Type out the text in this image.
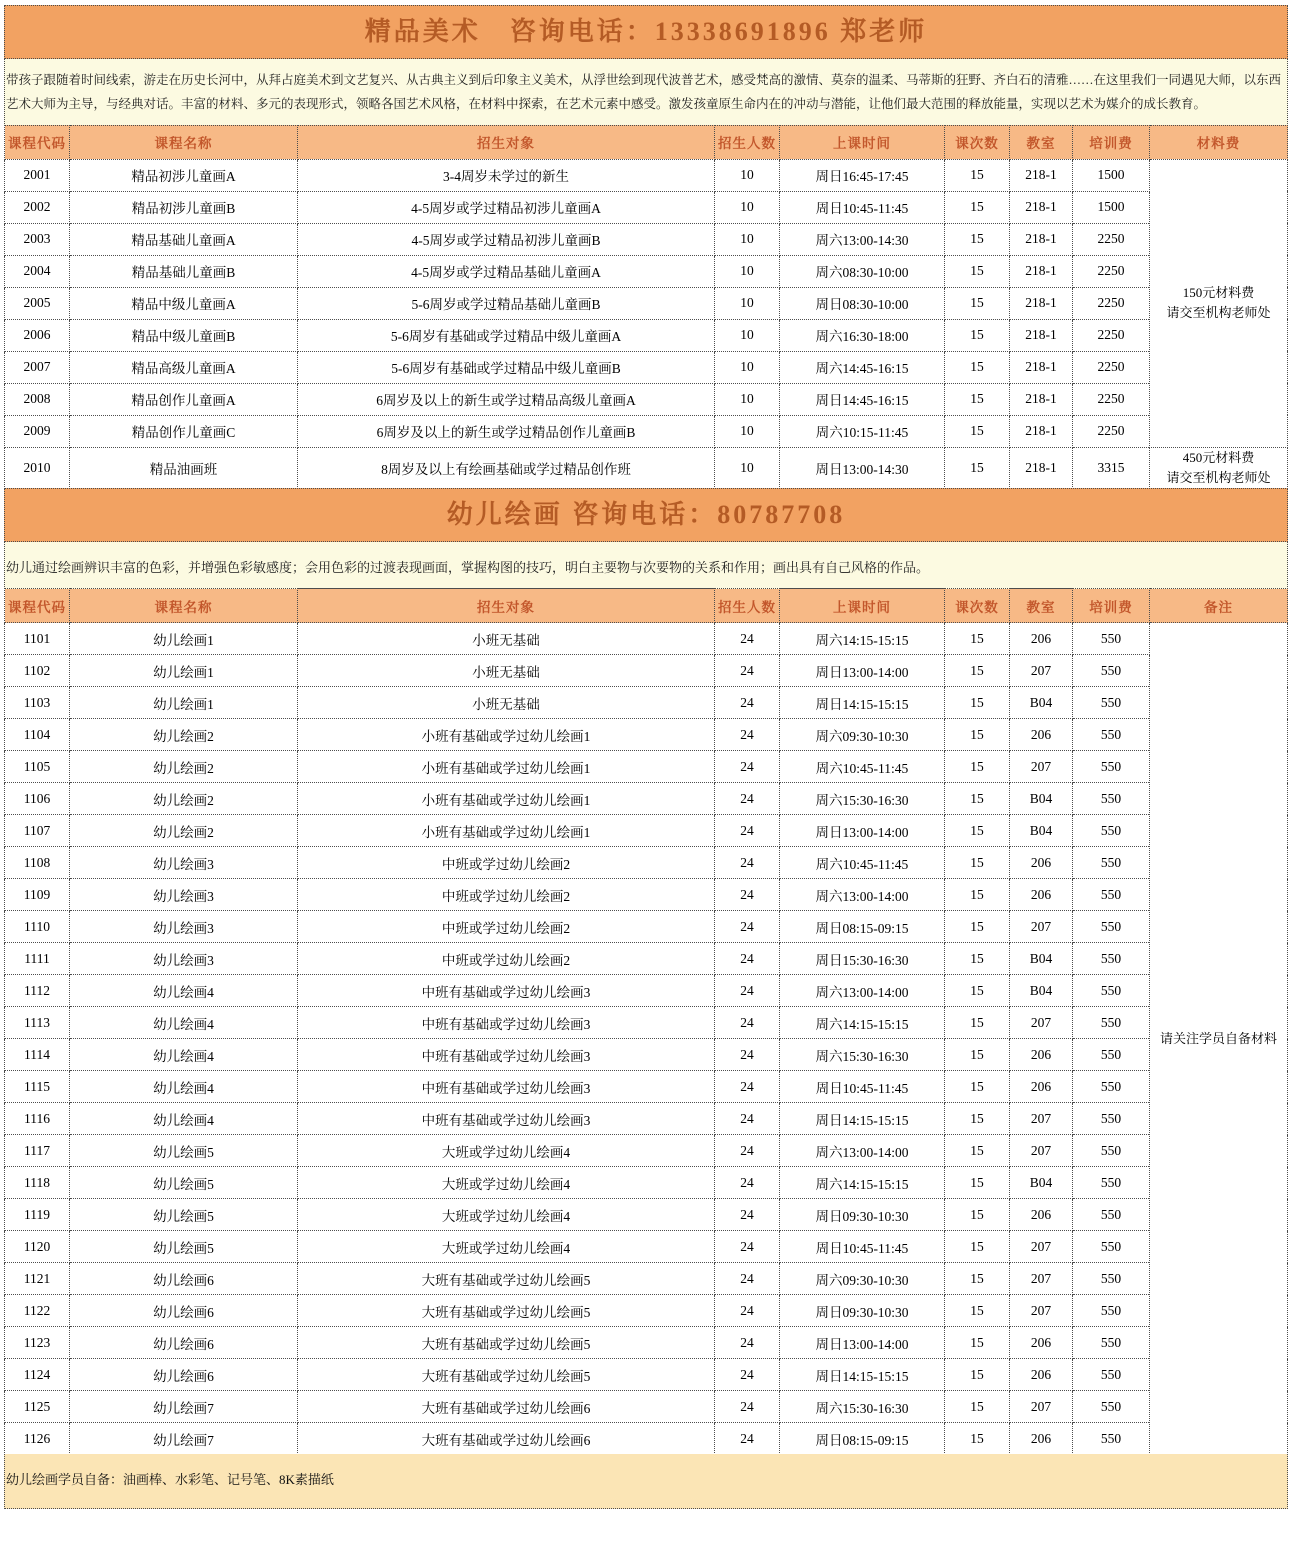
精品美术　咨询电话：13338691896 郑老师
带孩子跟随着时间线索，游走在历史长河中，从拜占庭美术到文艺复兴、从古典主义到后印象主义美术，从浮世绘到现代波普艺术，感受梵高的激情、莫奈的温柔、马蒂斯的狂野、齐白石的清雅……在这里我们一同遇见大师，以东西艺术大师为主导，与经典对话。丰富的材料、多元的表现形式，领略各国艺术风格，在材料中探索，在艺术元素中感受。激发孩童原生命内在的冲动与潜能，让他们最大范围的释放能量，实现以艺术为媒介的成长教育。
课程代码	课程名称	招生对象	招生人数	上课时间	课次数	教室	培训费	材料费
2001	精品初涉儿童画A	3-4周岁未学过的新生	10	周日16:45-17:45	15	218-1	1500	150元材料费
请交至机构老师处
2002	精品初涉儿童画B	4-5周岁或学过精品初涉儿童画A	10	周日10:45-11:45	15	218-1	1500	
2003	精品基础儿童画A	4-5周岁或学过精品初涉儿童画B	10	周六13:00-14:30	15	218-1	2250	
2004	精品基础儿童画B	4-5周岁或学过精品基础儿童画A	10	周六08:30-10:00	15	218-1	2250	
2005	精品中级儿童画A	5-6周岁或学过精品基础儿童画B	10	周日08:30-10:00	15	218-1	2250	
2006	精品中级儿童画B	5-6周岁有基础或学过精品中级儿童画A	10	周六16:30-18:00	15	218-1	2250	
2007	精品高级儿童画A	5-6周岁有基础或学过精品中级儿童画B	10	周六14:45-16:15	15	218-1	2250	
2008	精品创作儿童画A	6周岁及以上的新生或学过精品高级儿童画A	10	周日14:45-16:15	15	218-1	2250	
2009	精品创作儿童画C	6周岁及以上的新生或学过精品创作儿童画B	10	周六10:15-11:45	15	218-1	2250	
2010	精品油画班	8周岁及以上有绘画基础或学过精品创作班	10	周日13:00-14:30	15	218-1	3315	450元材料费
请交至机构老师处
幼儿绘画 咨询电话：80787708
幼儿通过绘画辨识丰富的色彩，并增强色彩敏感度；会用色彩的过渡表现画面，掌握构图的技巧，明白主要物与次要物的关系和作用；画出具有自己风格的作品。
课程代码	课程名称	招生对象	招生人数	上课时间	课次数	教室	培训费	备注
1101	幼儿绘画1	小班无基础	24	周六14:15-15:15	15	206	550	请关注学员自备材料
1102	幼儿绘画1	小班无基础	24	周日13:00-14:00	15	207	550	
1103	幼儿绘画1	小班无基础	24	周日14:15-15:15	15	B04	550	
1104	幼儿绘画2	小班有基础或学过幼儿绘画1	24	周六09:30-10:30	15	206	550	
1105	幼儿绘画2	小班有基础或学过幼儿绘画1	24	周六10:45-11:45	15	207	550	
1106	幼儿绘画2	小班有基础或学过幼儿绘画1	24	周六15:30-16:30	15	B04	550	
1107	幼儿绘画2	小班有基础或学过幼儿绘画1	24	周日13:00-14:00	15	B04	550	
1108	幼儿绘画3	中班或学过幼儿绘画2	24	周六10:45-11:45	15	206	550	
1109	幼儿绘画3	中班或学过幼儿绘画2	24	周六13:00-14:00	15	206	550	
1110	幼儿绘画3	中班或学过幼儿绘画2	24	周日08:15-09:15	15	207	550	
1111	幼儿绘画3	中班或学过幼儿绘画2	24	周日15:30-16:30	15	B04	550	
1112	幼儿绘画4	中班有基础或学过幼儿绘画3	24	周六13:00-14:00	15	B04	550	
1113	幼儿绘画4	中班有基础或学过幼儿绘画3	24	周六14:15-15:15	15	207	550	
1114	幼儿绘画4	中班有基础或学过幼儿绘画3	24	周六15:30-16:30	15	206	550	
1115	幼儿绘画4	中班有基础或学过幼儿绘画3	24	周日10:45-11:45	15	206	550	
1116	幼儿绘画4	中班有基础或学过幼儿绘画3	24	周日14:15-15:15	15	207	550	
1117	幼儿绘画5	大班或学过幼儿绘画4	24	周六13:00-14:00	15	207	550	
1118	幼儿绘画5	大班或学过幼儿绘画4	24	周六14:15-15:15	15	B04	550	
1119	幼儿绘画5	大班或学过幼儿绘画4	24	周日09:30-10:30	15	206	550	
1120	幼儿绘画5	大班或学过幼儿绘画4	24	周日10:45-11:45	15	207	550	
1121	幼儿绘画6	大班有基础或学过幼儿绘画5	24	周六09:30-10:30	15	207	550	
1122	幼儿绘画6	大班有基础或学过幼儿绘画5	24	周日09:30-10:30	15	207	550	
1123	幼儿绘画6	大班有基础或学过幼儿绘画5	24	周日13:00-14:00	15	206	550	
1124	幼儿绘画6	大班有基础或学过幼儿绘画5	24	周日14:15-15:15	15	206	550	
1125	幼儿绘画7	大班有基础或学过幼儿绘画6	24	周六15:30-16:30	15	207	550	
1126	幼儿绘画7	大班有基础或学过幼儿绘画6	24	周日08:15-09:15	15	206	550	
幼儿绘画学员自备：油画棒、水彩笔、记号笔、8K素描纸
